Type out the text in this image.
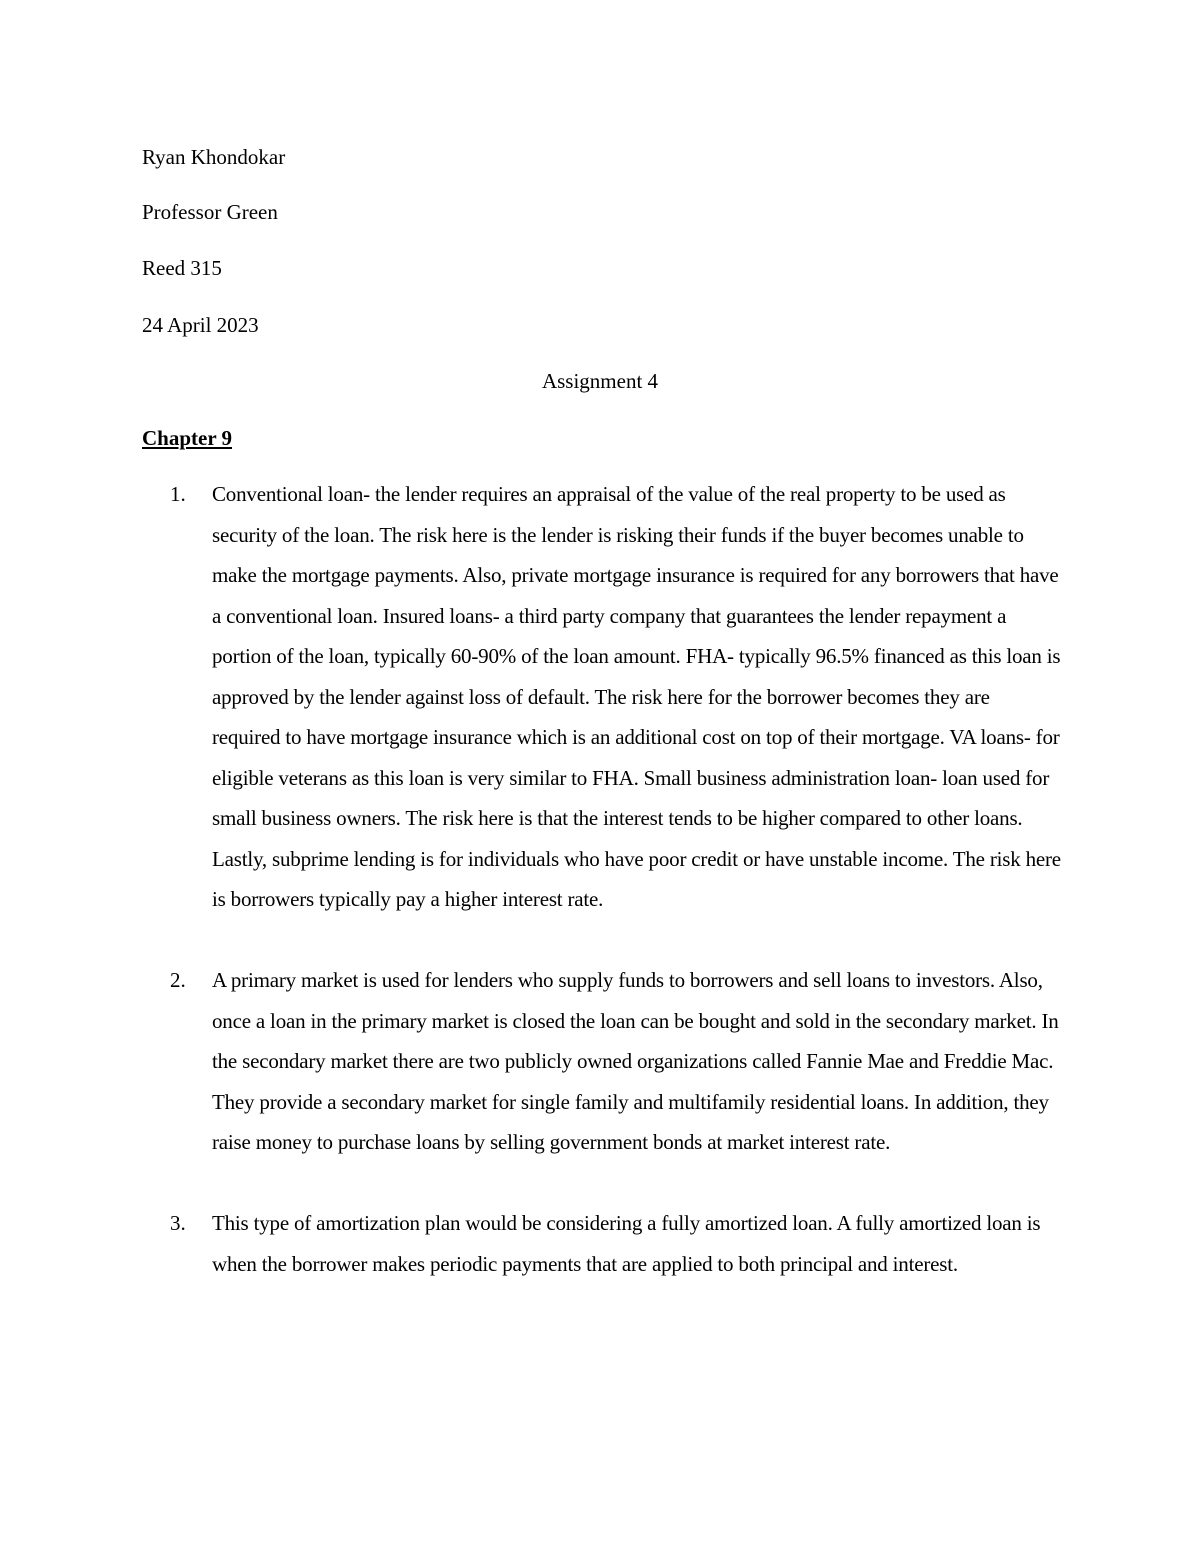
Ryan Khondokar
Professor Green
Reed 315
24 April 2023
Assignment 4
Chapter 9
1.	Conventional loan- the lender requires an appraisal of the value of the real property to be used as security of the loan. The risk here is the lender is risking their funds if the buyer becomes unable to make the mortgage payments. Also, private mortgage insurance is required for any borrowers that have a conventional loan. Insured loans- a third party company that guarantees the lender repayment a portion of the loan, typically 60-90% of the loan amount. FHA- typically 96.5% financed as this loan is approved by the lender against loss of default. The risk here for the borrower becomes they are required to have mortgage insurance which is an additional cost on top of their mortgage. VA loans- for eligible veterans as this loan is very similar to FHA. Small business administration loan- loan used for small business owners. The risk here is that the interest tends to be higher compared to other loans. Lastly, subprime lending is for individuals who have poor credit or have unstable income. The risk here is borrowers typically pay a higher interest rate.
2.	A primary market is used for lenders who supply funds to borrowers and sell loans to investors. Also, once a loan in the primary market is closed the loan can be bought and sold in the secondary market. In the secondary market there are two publicly owned organizations called Fannie Mae and Freddie Mac. They provide a secondary market for single family and multifamily residential loans. In addition, they raise money to purchase loans by selling government bonds at market interest rate.
3.	This type of amortization plan would be considering a fully amortized loan. A fully amortized loan is when the borrower makes periodic payments that are applied to both principal and interest.
